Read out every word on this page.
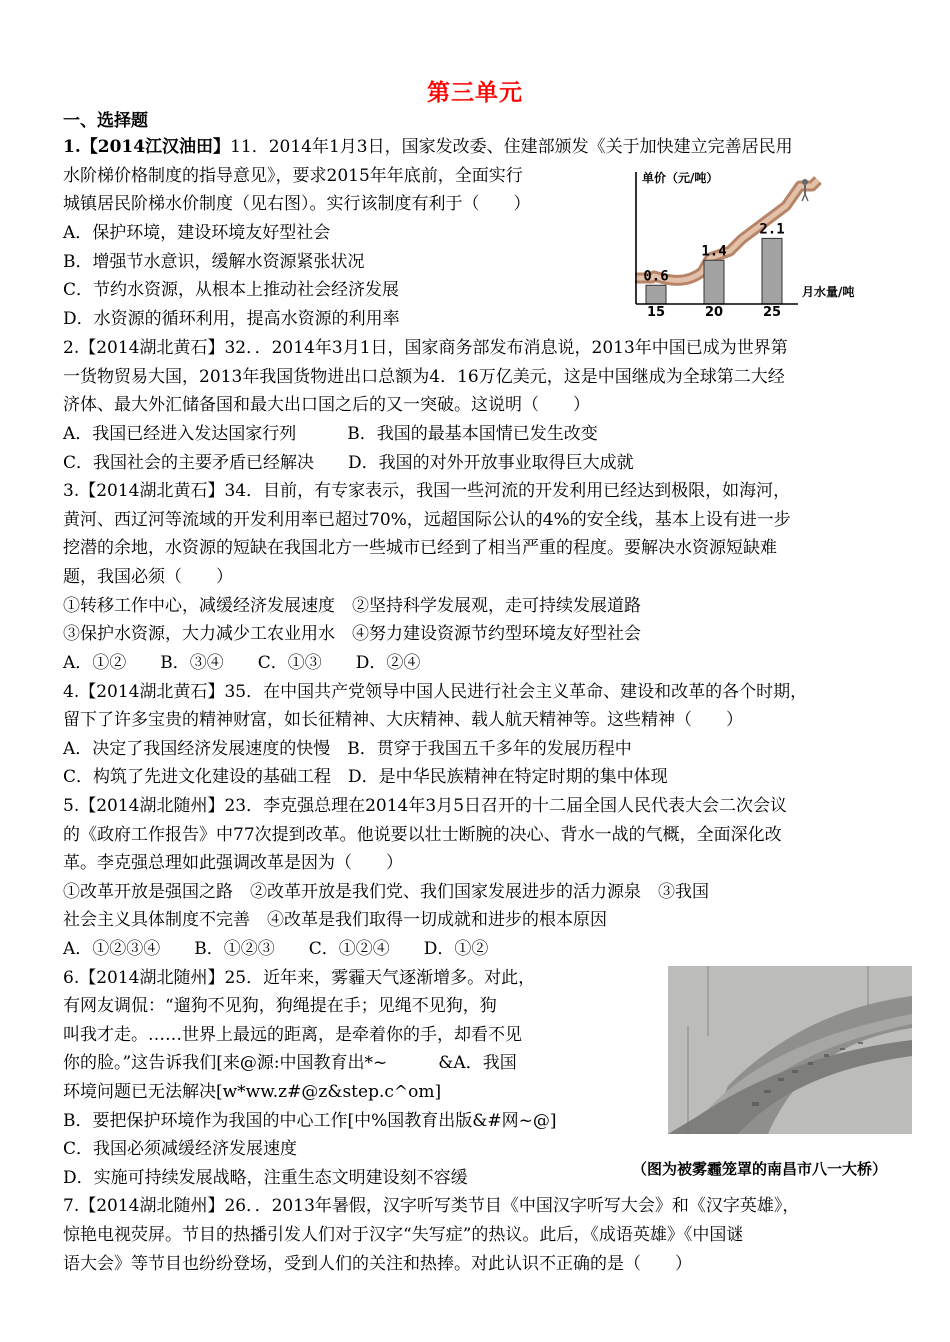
第三单元
一、选择题
1.【2014江汉油田】11．2014年1月3日，国家发改委、住建部颁发《关于加快建立完善居民用
水阶梯价格制度的指导意见》，要求2015年年底前，全面实行
城镇居民阶梯水价制度（见右图）。实行该制度有利于（　　）
A．保护环境，建设环境友好型社会
B．增强节水意识，缓解水资源紧张状况
C．节约水资源，从根本上推动社会经济发展
D．水资源的循环利用，提高水资源的利用率
单价（元/吨）
月水量/吨
0.6
15
1.4
20
2.1
25
2.【2014湖北黄石】32．．2014年3月1日，国家商务部发布消息说，2013年中国已成为世界第
一货物贸易大国，2013年我国货物进出口总额为4．16万亿美元，这是中国继成为全球第二大经
济体、最大外汇储备国和最大出口国之后的又一突破。这说明（　　）
A．我国已经进入发达国家行列　　　B．我国的最基本国情已发生改变
C．我国社会的主要矛盾已经解决　　D．我国的对外开放事业取得巨大成就
3.【2014湖北黄石】34．目前，有专家表示，我国一些河流的开发利用已经达到极限，如海河，
黄河、西辽河等流域的开发利用率已超过70%，远超国际公认的4%的安全线，基本上设有进一步
挖潜的余地，水资源的短缺在我国北方一些城市已经到了相当严重的程度。要解决水资源短缺难
题，我国必须（　　）
①转移工作中心，减缓经济发展速度　②坚持科学发展观，走可持续发展道路
③保护水资源，大力减少工农业用水　④努力建设资源节约型环境友好型社会
A．①②　　B．③④　　C．①③　　D．②④
4.【2014湖北黄石】35．在中国共产党领导中国人民进行社会主义革命、建设和改革的各个时期，
留下了许多宝贵的精神财富，如长征精神、大庆精神、载人航天精神等。这些精神（　　）
A．决定了我国经济发展速度的快慢　B．贯穿于我国五千多年的发展历程中
C．构筑了先进文化建设的基础工程　D．是中华民族精神在特定时期的集中体现
5.【2014湖北随州】23．李克强总理在2014年3月5日召开的十二届全国人民代表大会二次会议
的《政府工作报告》中77次提到改革。他说要以壮士断腕的决心、背水一战的气概，全面深化改
革。李克强总理如此强调改革是因为（　　）
①改革开放是强国之路　②改革开放是我们党、我们国家发展进步的活力源泉　③我国
社会主义具体制度不完善　④改革是我们取得一切成就和进步的根本原因
A．①②③④　　B．①②③　　C．①②④　　D．①②
6.【2014湖北随州】25．近年来，雾霾天气逐渐增多。对此，
有网友调侃：“遛狗不见狗，狗绳提在手；见绳不见狗，狗
叫我才走。……世界上最远的距离，是牵着你的手，却看不见
你的脸。”这告诉我们[来@源:中国教育出*~　　　&A．我国
环境问题已无法解决[w*ww.z#@z&step.c^om]
B．要把保护环境作为我国的中心工作[中%国教育出版&#网~@]
C．我国必须减缓经济发展速度
D．实施可持续发展战略，注重生态文明建设刻不容缓	（图为被雾霾笼罩的南昌市八一大桥）
7.【2014湖北随州】26．．2013年暑假，汉字听写类节目《中国汉字听写大会》和《汉字英雄》，
惊艳电视荧屏。节目的热播引发人们对于汉字“失写症”的热议。此后，《成语英雄》《中国谜
语大会》等节目也纷纷登场，受到人们的关注和热捧。对此认识不正确的是（　　）
